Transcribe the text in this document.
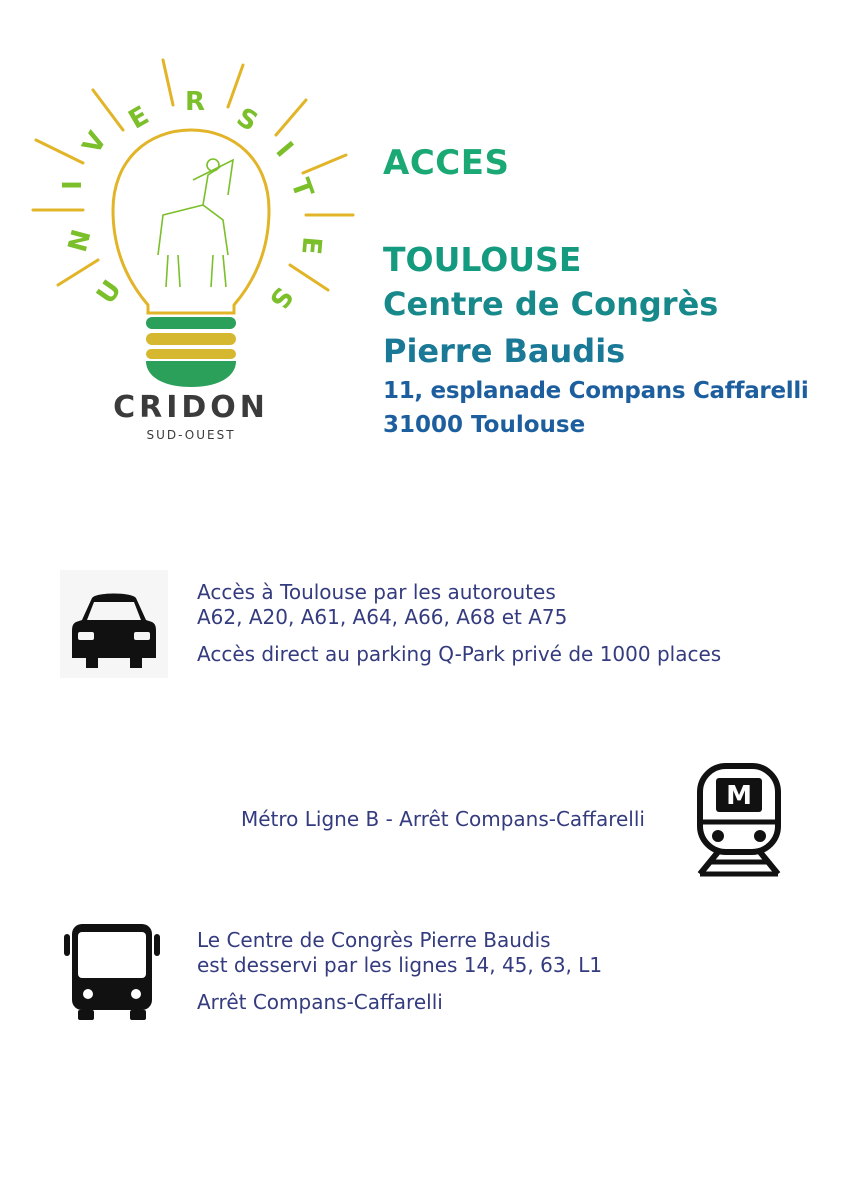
U
N
I
V
E R
S
I
T
E
S
CRIDON
SUD-OUEST
ACCES
TOULOUSE
Centre de Congrès
Pierre Baudis
11, esplanade Compans Caffarelli
31000 Toulouse
Accès à Toulouse par les autoroutes
A62, A20, A61, A64, A66, A68 et A75
Accès direct au parking Q-Park privé de 1000 places
Métro Ligne B - Arrêt Compans-Caffarelli
M
Le Centre de Congrès Pierre Baudis
est desservi par les lignes 14, 45, 63, L1
Arrêt Compans-Caffarelli
